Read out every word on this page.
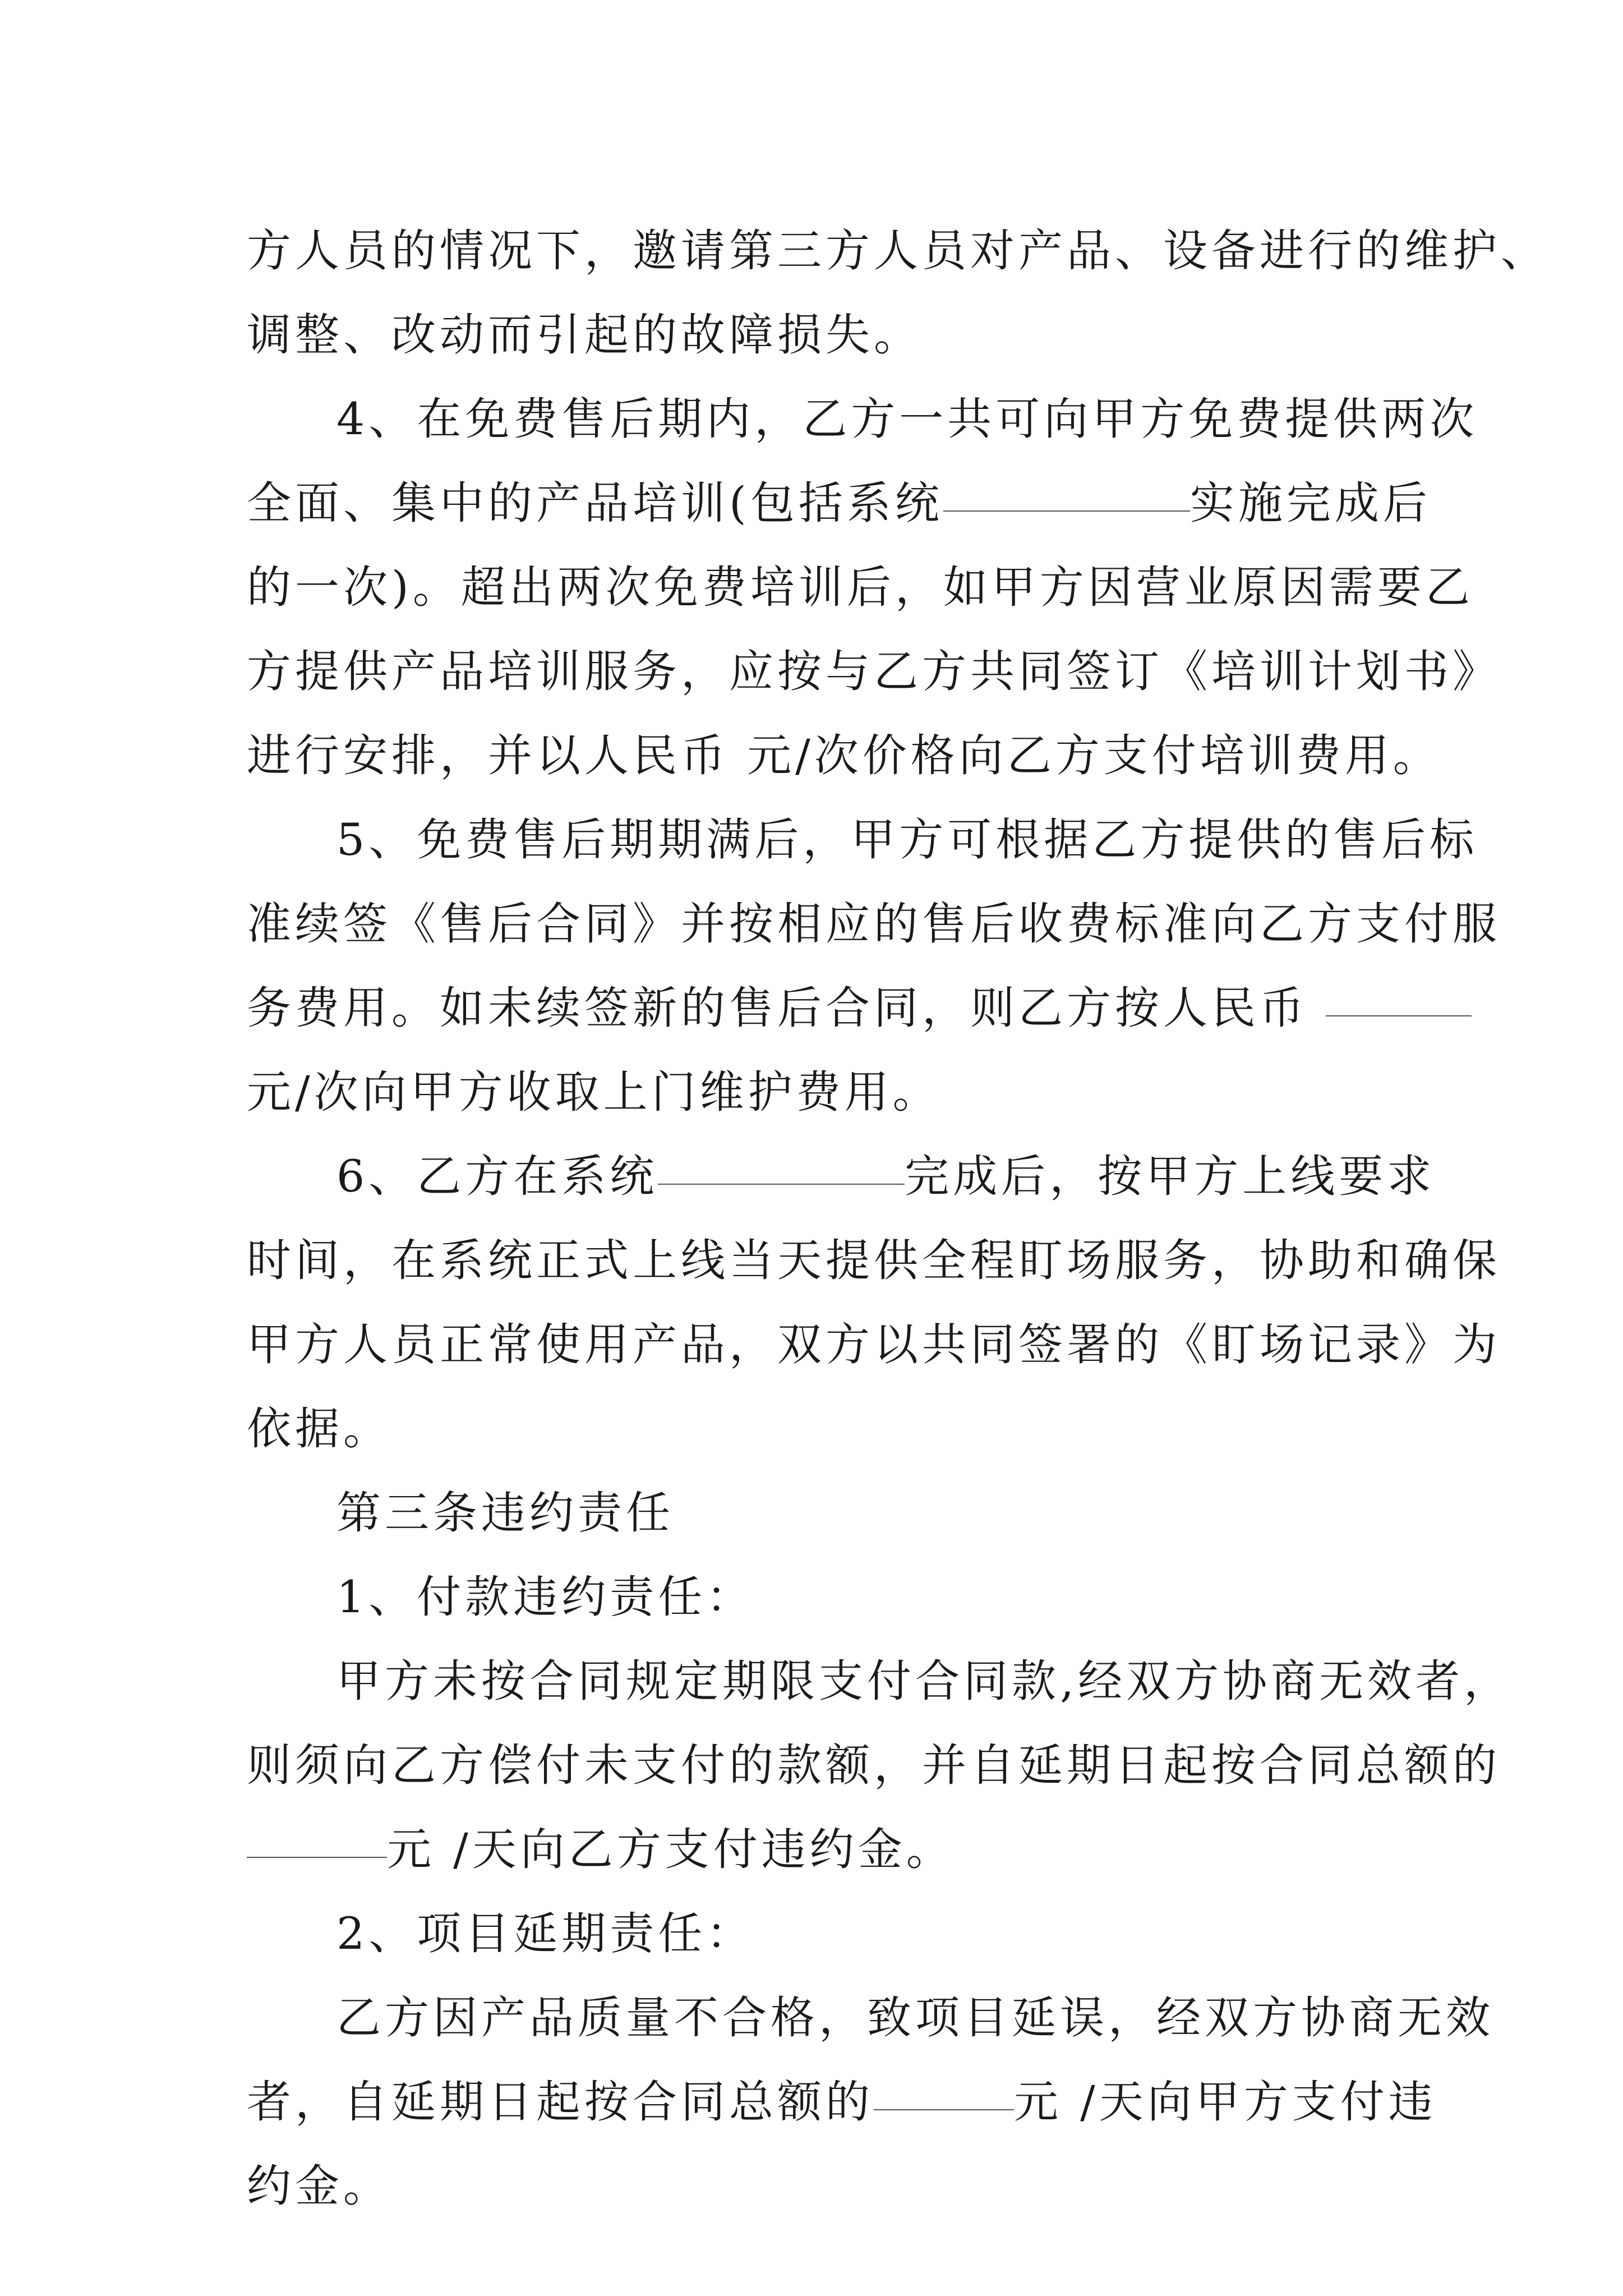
方人员的情况下，邀请第三方人员对产品、设备进行的维护、
调整、改动而引起的故障损失。
4、在免费售后期内，乙方一共可向甲方免费提供两次
全面、集中的产品培训(包括系统	实施完成后
的一次)。超出两次免费培训后，如甲方因营业原因需要乙
方提供产品培训服务，应按与乙方共同签订《培训计划书》
进行安排，并以人民币 元/次价格向乙方支付培训费用。
5、免费售后期期满后，甲方可根据乙方提供的售后标
准续签《售后合同》并按相应的售后收费标准向乙方支付服
务费用。如未续签新的售后合同，则乙方按人民币
元/次向甲方收取上门维护费用。
6、乙方在系统	完成后，按甲方上线要求
时间，在系统正式上线当天提供全程盯场服务，协助和确保
甲方人员正常使用产品，双方以共同签署的《盯场记录》为
依据。
第三条违约责任
1、付款违约责任：
甲方未按合同规定期限支付合同款,经双方协商无效者，
则须向乙方偿付未支付的款额，并自延期日起按合同总额的
元 /天向乙方支付违约金。
2、项目延期责任：
乙方因产品质量不合格，致项目延误，经双方协商无效
者，自延期日起按合同总额的	元 /天向甲方支付违
约金。
